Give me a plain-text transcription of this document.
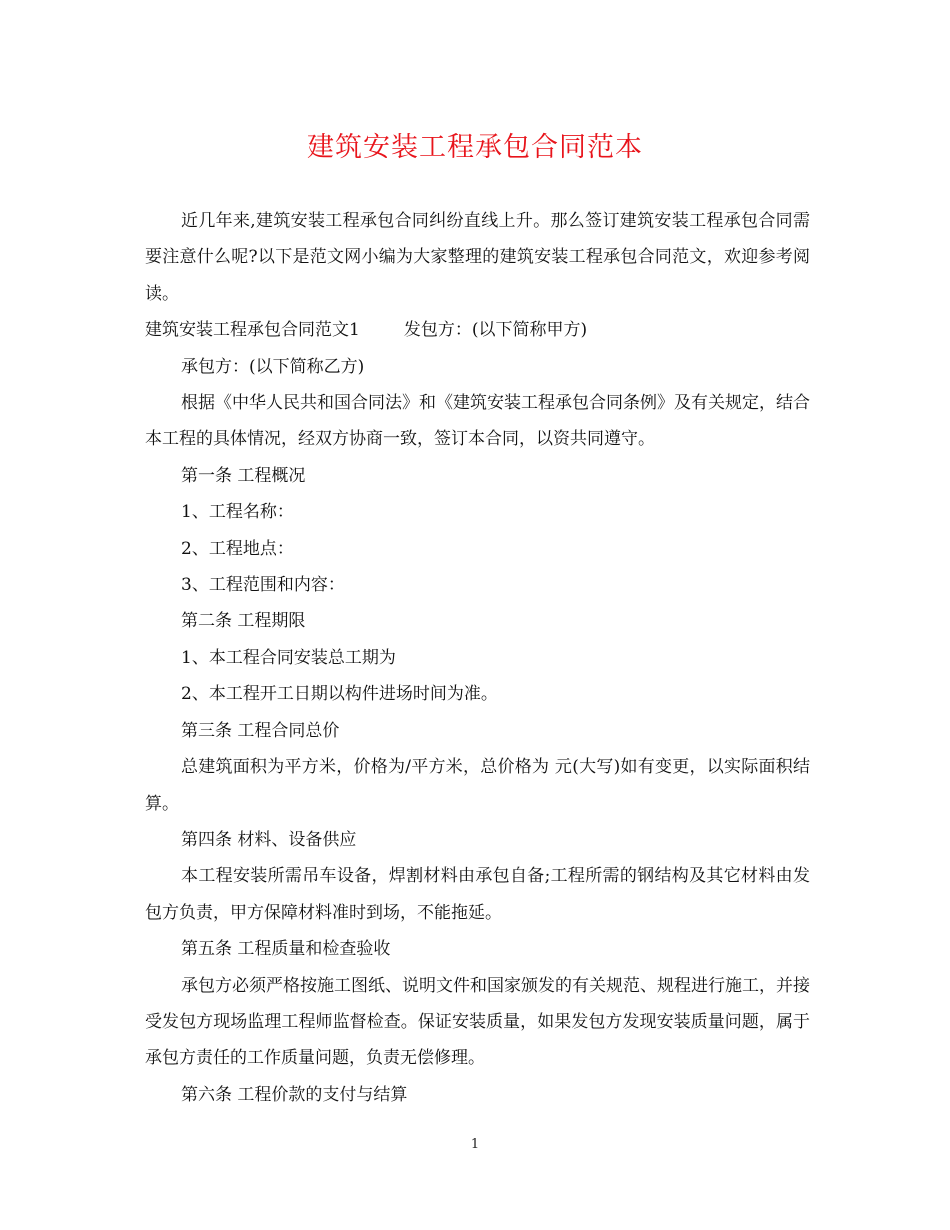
建筑安装工程承包合同范本

近几年来,建筑安装工程承包合同纠纷直线上升。那么签订建筑安装工程承包合同需要注意什么呢?以下是范文网小编为大家整理的建筑安装工程承包合同范文，欢迎参考阅读。

建筑安装工程承包合同范文1	发包方：(以下简称甲方)

承包方：(以下简称乙方)

根据《中华人民共和国合同法》和《建筑安装工程承包合同条例》及有关规定，结合本工程的具体情况，经双方协商一致，签订本合同，以资共同遵守。

第一条 工程概况

1、工程名称：

2、工程地点：

3、工程范围和内容：

第二条 工程期限

1、本工程合同安装总工期为

2、本工程开工日期以构件进场时间为准。

第三条 工程合同总价

总建筑面积为平方米，价格为/平方米，总价格为 元(大写)如有变更，以实际面积结算。

第四条 材料、设备供应

本工程安装所需吊车设备，焊割材料由承包自备;工程所需的钢结构及其它材料由发包方负责，甲方保障材料准时到场，不能拖延。

第五条 工程质量和检查验收

承包方必须严格按施工图纸、说明文件和国家颁发的有关规范、规程进行施工，并接受发包方现场监理工程师监督检查。保证安装质量，如果发包方发现安装质量问题，属于承包方责任的工作质量问题，负责无偿修理。

第六条 工程价款的支付与结算

1
